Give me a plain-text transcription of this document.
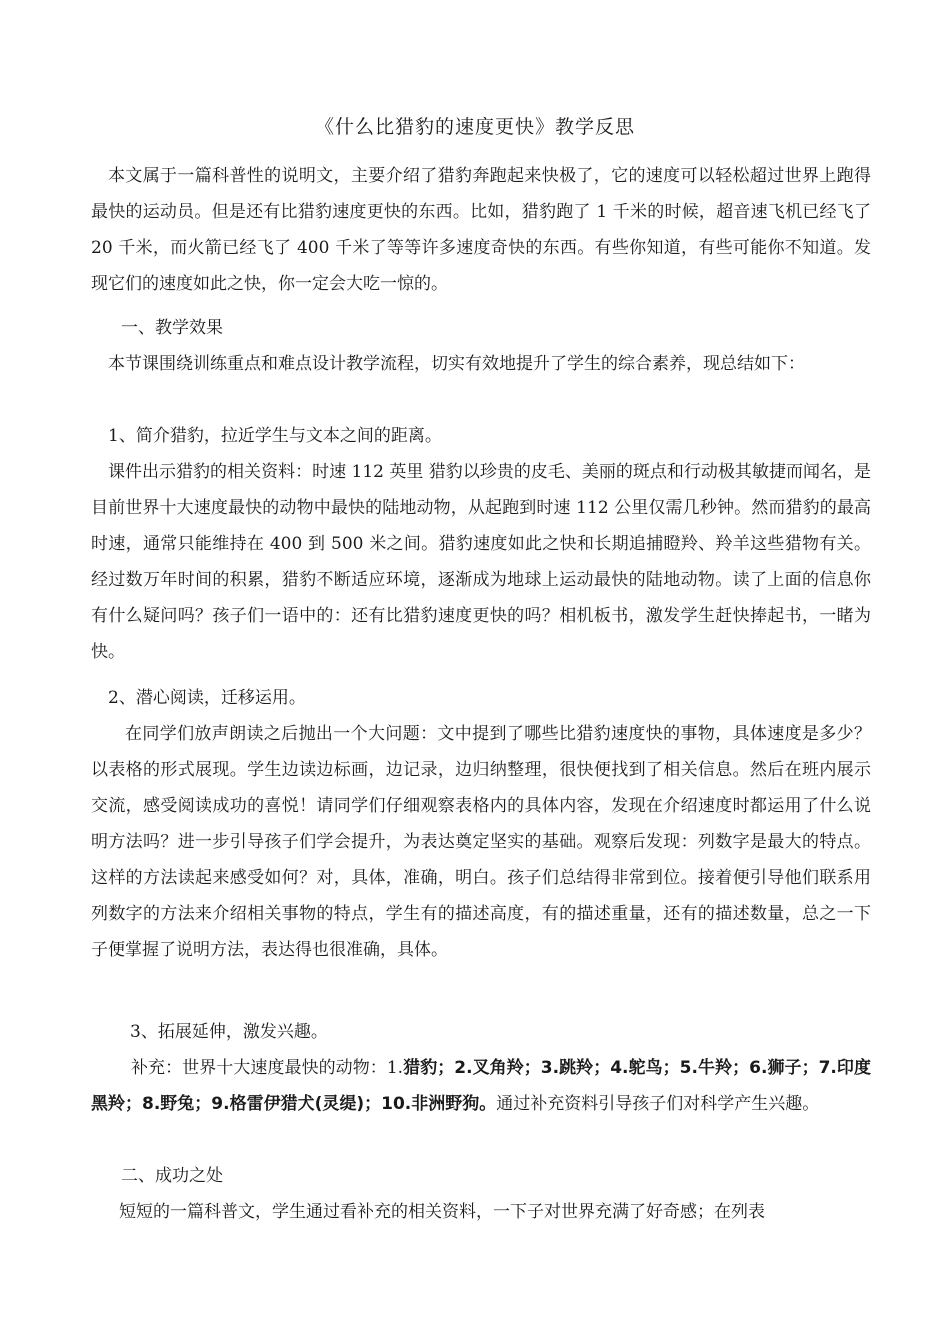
《什么比猎豹的速度更快》教学反思

本文属于一篇科普性的说明文，主要介绍了猎豹奔跑起来快极了，它的速度可以轻松超过世界上跑得最快的运动员。但是还有比猎豹速度更快的东西。比如，猎豹跑了 1 千米的时候，超音速飞机已经飞了 20 千米，而火箭已经飞了 400 千米了等等许多速度奇快的东西。有些你知道，有些可能你不知道。发现它们的速度如此之快，你一定会大吃一惊的。

一、教学效果

本节课围绕训练重点和难点设计教学流程，切实有效地提升了学生的综合素养，现总结如下：

1、简介猎豹，拉近学生与文本之间的距离。

课件出示猎豹的相关资料：时速 112 英里 猎豹以珍贵的皮毛、美丽的斑点和行动极其敏捷而闻名，是目前世界十大速度最快的动物中最快的陆地动物，从起跑到时速 112 公里仅需几秒钟。然而猎豹的最高时速，通常只能维持在 400 到 500 米之间。猎豹速度如此之快和长期追捕瞪羚、羚羊这些猎物有关。经过数万年时间的积累，猎豹不断适应环境，逐渐成为地球上运动最快的陆地动物。读了上面的信息你有什么疑问吗？孩子们一语中的：还有比猎豹速度更快的吗？相机板书，激发学生赶快捧起书，一睹为快。

2、潜心阅读，迁移运用。

在同学们放声朗读之后抛出一个大问题：文中提到了哪些比猎豹速度快的事物，具体速度是多少？以表格的形式展现。学生边读边标画，边记录，边归纳整理，很快便找到了相关信息。然后在班内展示交流，感受阅读成功的喜悦！请同学们仔细观察表格内的具体内容，发现在介绍速度时都运用了什么说明方法吗？进一步引导孩子们学会提升，为表达奠定坚实的基础。观察后发现：列数字是最大的特点。这样的方法读起来感受如何？对，具体，准确，明白。孩子们总结得非常到位。接着便引导他们联系用列数字的方法来介绍相关事物的特点，学生有的描述高度，有的描述重量，还有的描述数量，总之一下子便掌握了说明方法，表达得也很准确，具体。

3、拓展延伸，激发兴趣。

补充：世界十大速度最快的动物：1.猎豹；2.叉角羚；3.跳羚；4.鸵鸟；5.牛羚；6.狮子；7.印度黑羚；8.野兔；9.格雷伊猎犬(灵缇)；10.非洲野狗。通过补充资料引导孩子们对科学产生兴趣。

二、成功之处

短短的一篇科普文，学生通过看补充的相关资料，一下子对世界充满了好奇感；在列表
